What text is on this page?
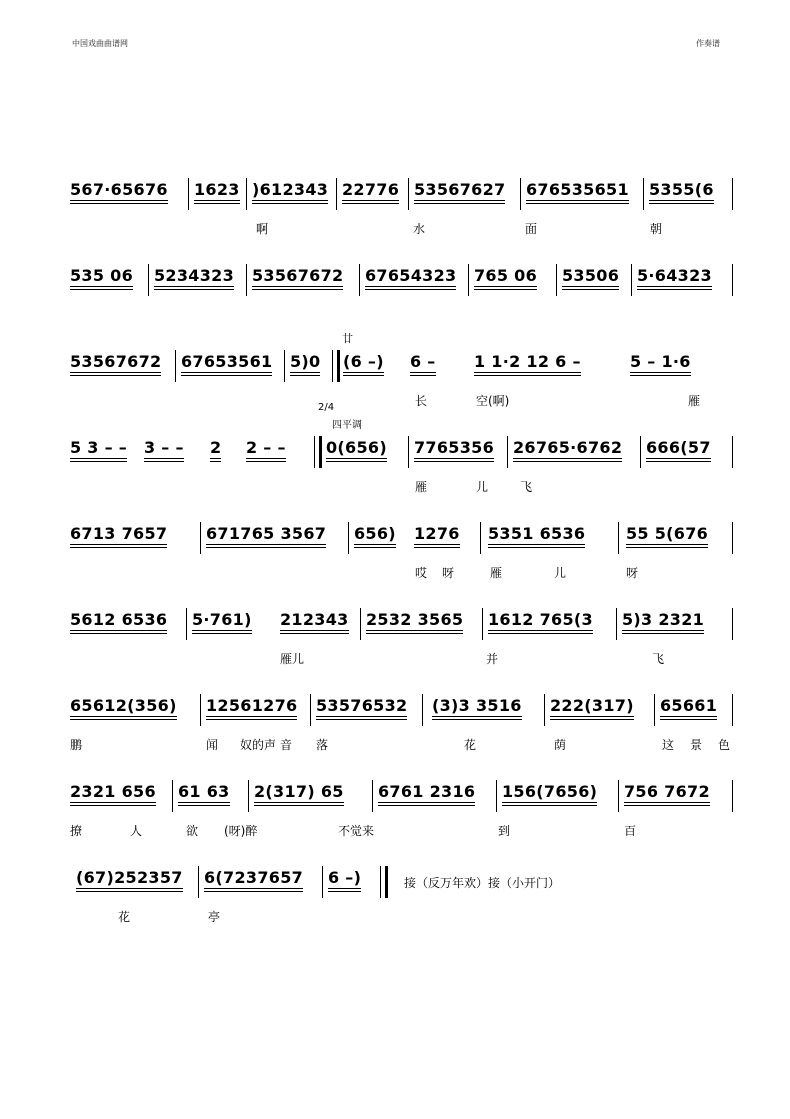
中国戏曲曲谱网	作奏谱
567·65676 1623 )612343 22776 53567627 676535651 5355(6
啊	水	面	朝
535 06 5234323 53567672 67654323 765 06 53506 5·64323
廿
53567672 67653561 5)0 (6 –) 6 – 1 1·2 12 6 –	5 – 1·6
长	空(啊)	雁
2/4
四平调
5 3 – – 3 – – 2 2 – –	0(656) 7765356 26765·6762 666(57
雁	儿	飞
6713 7657 671765 3567 656) 1276 5351 6536	55 5(676
哎 呀	雁	儿	呀
5612 6536 5·761) 212343 2532 3565 1612 765(3 5)3 2321
雁儿	并	飞
65612(356) 12561276 53576532 (3)3 3516 222(317) 65661
鹏	闻 奴的声 音 落	花	荫	这 景 色
2321 656 61 63 2(317) 65 6761 2316 156(7656) 756 7672
撩	人	欲 (呀)醉	不觉来	到	百
(67)252357 6(7237657 6 –)	接（反万年欢）接（小开门）
花	亭
